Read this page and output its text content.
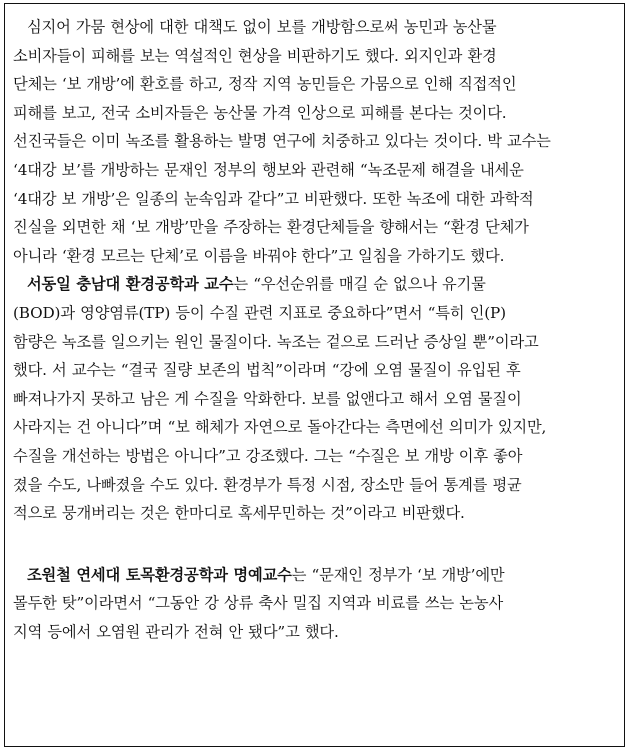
심지어 가뭄 현상에 대한 대책도 없이 보를 개방함으로써 농민과 농산물
소비자들이 피해를 보는 역설적인 현상을 비판하기도 했다. 외지인과 환경
단체는 ‘보 개방’에 환호를 하고, 정작 지역 농민들은 가뭄으로 인해 직접적인
피해를 보고, 전국 소비자들은 농산물 가격 인상으로 피해를 본다는 것이다.
선진국들은 이미 녹조를 활용하는 발명 연구에 치중하고 있다는 것이다. 박 교수는
‘4대강 보’를 개방하는 문재인 정부의 행보와 관련해 “녹조문제 해결을 내세운
‘4대강 보 개방’은 일종의 눈속임과 같다”고 비판했다. 또한 녹조에 대한 과학적
진실을 외면한 채 ‘보 개방’만을 주장하는 환경단체들을 향해서는 “환경 단체가
아니라 ‘환경 모르는 단체’로 이름을 바꿔야 한다”고 일침을 가하기도 했다.
서동일 충남대 환경공학과 교수는 “우선순위를 매길 순 없으나 유기물
(BOD)과 영양염류(TP) 등이 수질 관련 지표로 중요하다”면서 “특히 인(P)
함량은 녹조를 일으키는 원인 물질이다. 녹조는 겉으로 드러난 증상일 뿐”이라고
했다. 서 교수는 “결국 질량 보존의 법칙”이라며 “강에 오염 물질이 유입된 후
빠져나가지 못하고 남은 게 수질을 악화한다. 보를 없앤다고 해서 오염 물질이
사라지는 건 아니다”며 “보 해체가 자연으로 돌아간다는 측면에선 의미가 있지만,
수질을 개선하는 방법은 아니다”고 강조했다. 그는 “수질은 보 개방 이후 좋아
졌을 수도, 나빠졌을 수도 있다. 환경부가 특정 시점, 장소만 들어 통계를 평균
적으로 뭉개버리는 것은 한마디로 혹세무민하는 것”이라고 비판했다.
조원철 연세대 토목환경공학과 명예교수는 “문재인 정부가 ‘보 개방’에만
몰두한 탓”이라면서 “그동안 강 상류 축사 밀집 지역과 비료를 쓰는 논농사
지역 등에서 오염원 관리가 전혀 안 됐다”고 했다.
